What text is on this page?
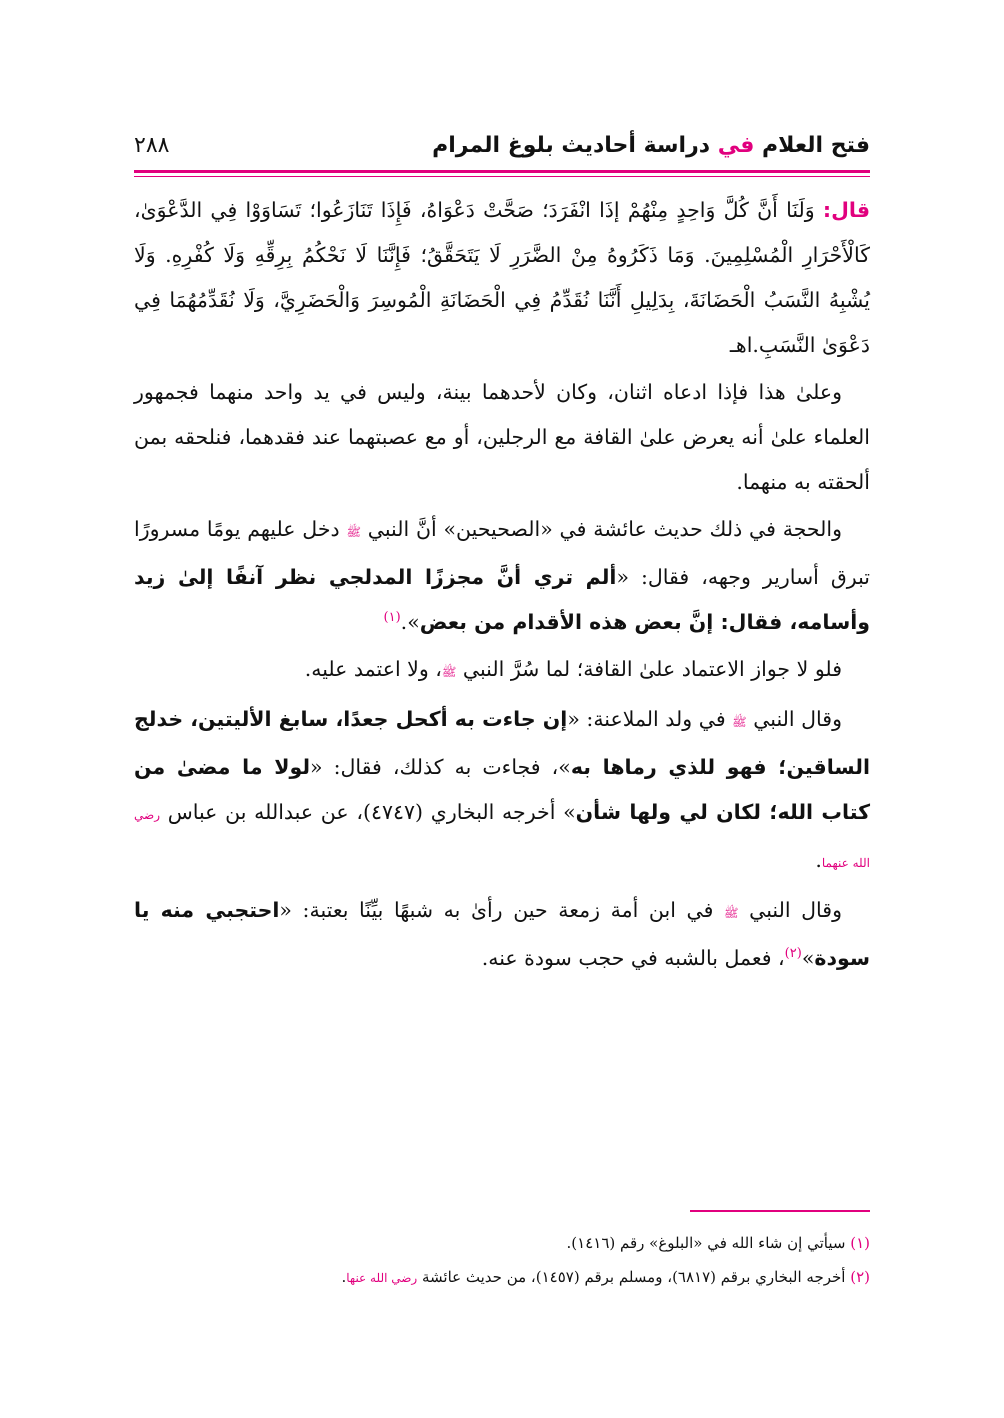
فتح العلام في دراسة أحاديث بلوغ المرام
٢٨٨

قال: وَلَنَا أَنَّ كُلَّ وَاحِدٍ مِنْهُمْ إذَا انْفَرَدَ؛ صَحَّتْ دَعْوَاهُ، فَإِذَا تَنَازَعُوا؛ تَسَاوَوْا فِي الدَّعْوَىٰ، كَالْأَحْرَارِ الْمُسْلِمِينَ. وَمَا ذَكَرُوهُ مِنْ الضَّرَرِ لَا يَتَحَقَّقُ؛ فَإِنَّنَا لَا نَحْكُمُ بِرِقِّهِ وَلَا كُفْرِهِ. وَلَا يُشْبِهُ النَّسَبُ الْحَضَانَةَ، بِدَلِيلِ أَنَّنَا نُقَدِّمُ فِي الْحَضَانَةِ الْمُوسِرَ وَالْحَضَرِيَّ، وَلَا نُقَدِّمُهُمَا فِي دَعْوَىٰ النَّسَبِ.اهـ

وعلىٰ هذا فإذا ادعاه اثنان، وكان لأحدهما بينة، وليس في يد واحد منهما فجمهور العلماء علىٰ أنه يعرض علىٰ القافة مع الرجلين، أو مع عصبتهما عند فقدهما، فنلحقه بمن ألحقته به منهما.

والحجة في ذلك حديث عائشة في «الصحيحين» أنَّ النبي ﷺ دخل عليهم يومًا مسرورًا تبرق أسارير وجهه، فقال: «ألم تري أنَّ مجززًا المدلجي نظر آنفًا إلىٰ زيد وأسامه، فقال: إنَّ بعض هذه الأقدام من بعض».$^{(١)}$

فلو لا جواز الاعتماد علىٰ القافة؛ لما سُرَّ النبي ﷺ، ولا اعتمد عليه.

وقال النبي ﷺ في ولد الملاعنة: «إن جاءت به أكحل جعدًا، سابغ الأليتين، خدلج الساقين؛ فهو للذي رماها به»، فجاءت به كذلك، فقال: «لولا ما مضىٰ من كتاب الله؛ لكان لي ولها شأن» أخرجه البخاري (٤٧٤٧)، عن عبدالله بن عباس رضي الله عنهما.

وقال النبي ﷺ في ابن أمة زمعة حين رأىٰ به شبهًا بيِّنًا بعتبة: «احتجبي منه يا سودة»$^{(٢)}$، فعمل بالشبه في حجب سودة عنه.

(١) سيأتي إن شاء الله في «البلوغ» رقم (١٤١٦).
(٢) أخرجه البخاري برقم (٦٨١٧)، ومسلم برقم (١٤٥٧)، من حديث عائشة رضي الله عنها.
